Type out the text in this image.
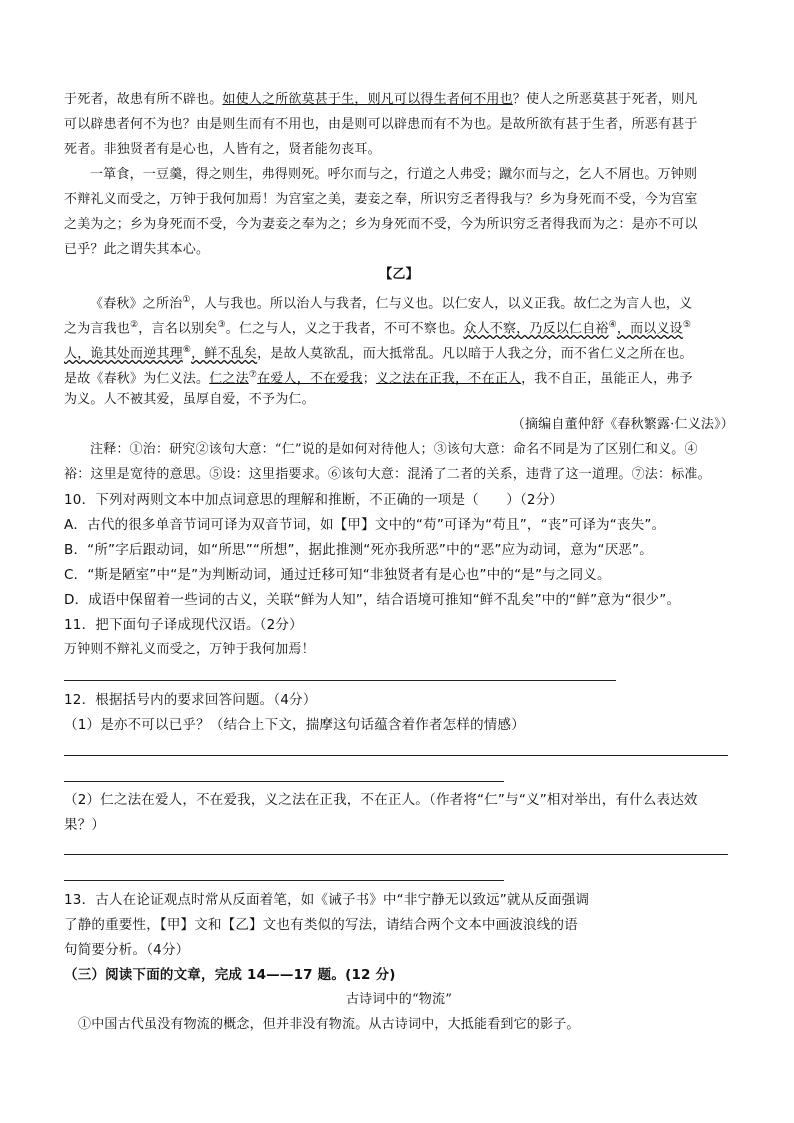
于死者，故患有所不辟也。如使人之所欲莫甚于生，则凡可以得生者何不用也？使人之所恶莫甚于死者，则凡
可以辟患者何不为也？由是则生而有不用也，由是则可以辟患而有不为也。是故所欲有甚于生者，所恶有甚于
死者。非独贤者有是心也，人皆有之，贤者能勿丧耳。
一箪食，一豆羹，得之则生，弗得则死。呼尔而与之，行道之人弗受；蹴尔而与之，乞人不屑也。万钟则
不辩礼义而受之，万钟于我何加焉！为宫室之美，妻妾之奉，所识穷乏者得我与？乡为身死而不受，今为宫室
之美为之；乡为身死而不受，今为妻妾之奉为之；乡为身死而不受，今为所识穷乏者得我而为之：是亦不可以
已乎？此之谓失其本心。
【乙】
《春秋》之所治①，人与我也。所以治人与我者，仁与义也。以仁安人，以义正我。故仁之为言人也，义
之为言我也②，言名以别矣③。仁之与人，义之于我者，不可不察也。众人不察，乃反以仁自裕④，而以义设⑤
人，诡其处而逆其理⑥，鲜不乱矣，是故人莫欲乱，而大抵常乱。凡以暗于人我之分，而不省仁义之所在也。
是故《春秋》为仁义法。仁之法⑦在爱人，不在爱我；义之法在正我，不在正人，我不自正，虽能正人，弗予
为义。人不被其爱，虽厚自爱，不予为仁。
（摘编自董仲舒《春秋繁露·仁义法》）
注释：①治：研究②该句大意：“仁”说的是如何对待他人；③该句大意：命名不同是为了区别仁和义。④
裕：这里是宽待的意思。⑤设：这里指要求。⑥该句大意：混淆了二者的关系，违背了这一道理。⑦法：标准。
10．下列对两则文本中加点词意思的理解和推断，不正确的一项是（　　）（2分）
A．古代的很多单音节词可译为双音节词，如【甲】文中的“苟”可译为“苟且”，“丧”可译为“丧失”。
B．“所”字后跟动词，如“所思”“所想”，据此推测“死亦我所恶”中的“恶”应为动词，意为“厌恶”。
C．“斯是陋室”中“是”为判断动词，通过迁移可知“非独贤者有是心也”中的“是”与之同义。
D．成语中保留着一些词的古义，关联“鲜为人知”，结合语境可推知“鲜不乱矣”中的“鲜”意为“很少”。
11．把下面句子译成现代汉语。（2分）
万钟则不辩礼义而受之，万钟于我何加焉！
12．根据括号内的要求回答问题。（4分）
（1）是亦不可以已乎？（结合上下文，揣摩这句话蕴含着作者怎样的情感）
（2）仁之法在爱人，不在爱我，义之法在正我，不在正人。（作者将“仁”与“义”相对举出，有什么表达效
果？）
13．古人在论证观点时常从反面着笔，如《诫子书》中“非宁静无以致远”就从反面强调
了静的重要性，【甲】文和【乙】文也有类似的写法，请结合两个文本中画波浪线的语
句简要分析。（4分）
（三）阅读下面的文章，完成 14——17 题。(12 分)
古诗词中的“物流”
①中国古代虽没有物流的概念，但并非没有物流。从古诗词中，大抵能看到它的影子。
